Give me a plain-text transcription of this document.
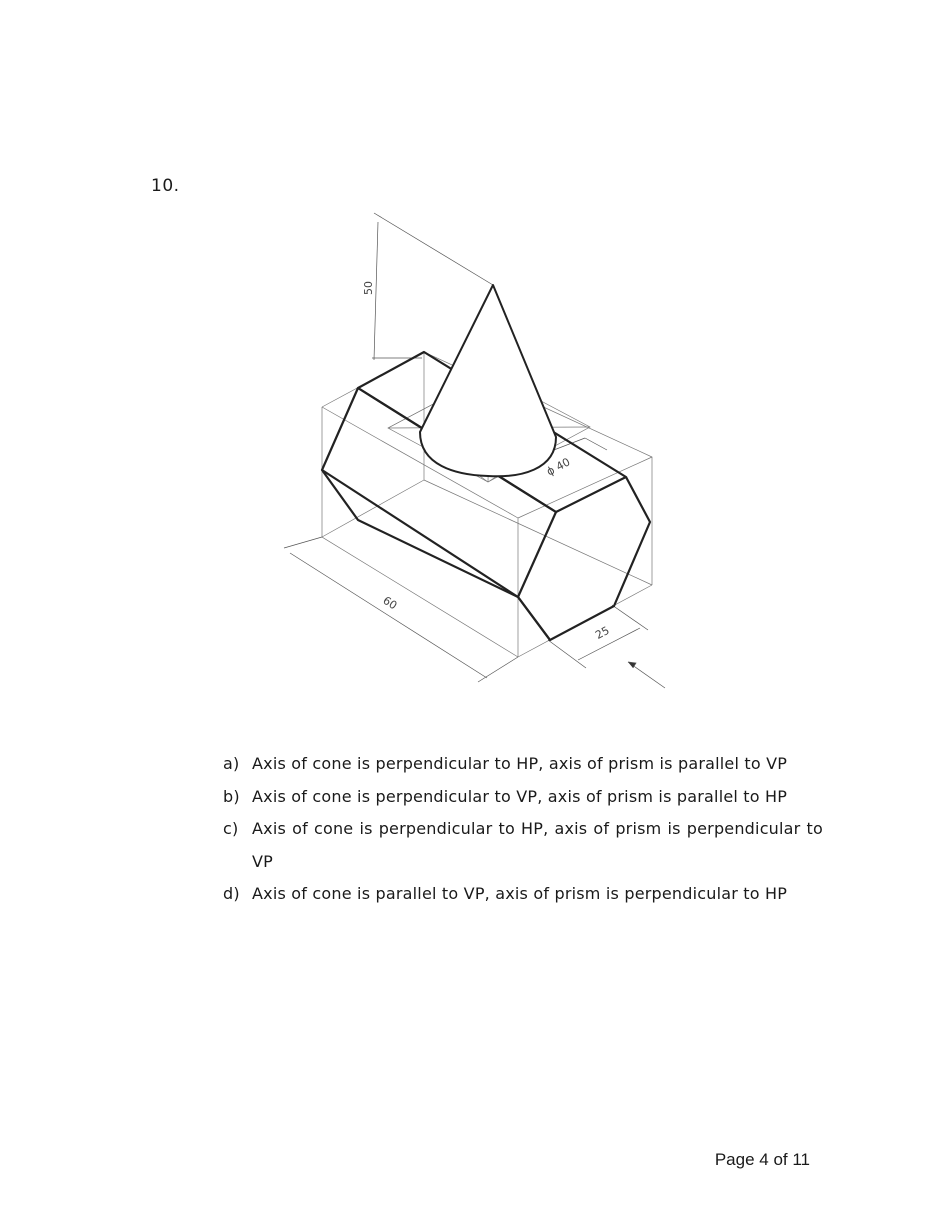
10.
50
ϕ 40
60
25
a) Axis of cone is perpendicular to HP, axis of prism is parallel to VP
b) Axis of cone is perpendicular to VP, axis of prism is parallel to HP
c) Axis of cone is perpendicular to HP, axis of prism is perpendicular to VP
d) Axis of cone is parallel to VP, axis of prism is perpendicular to HP
Page 4 of 11
